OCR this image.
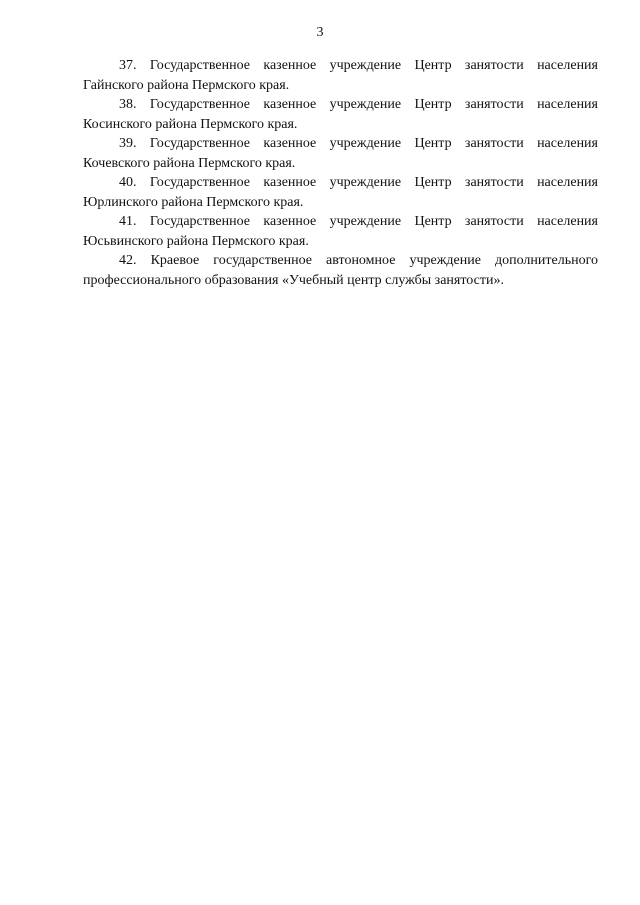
3

37. Государственное казенное учреждение Центр занятости населения Гайнского района Пермского края.

38. Государственное казенное учреждение Центр занятости населения Косинского района Пермского края.

39. Государственное казенное учреждение Центр занятости населения Кочевского района Пермского края.

40. Государственное казенное учреждение Центр занятости населения Юрлинского района Пермского края.

41. Государственное казенное учреждение Центр занятости населения Юсьвинского района Пермского края.

42. Краевое государственное автономное учреждение дополнительного профессионального образования «Учебный центр службы занятости».
